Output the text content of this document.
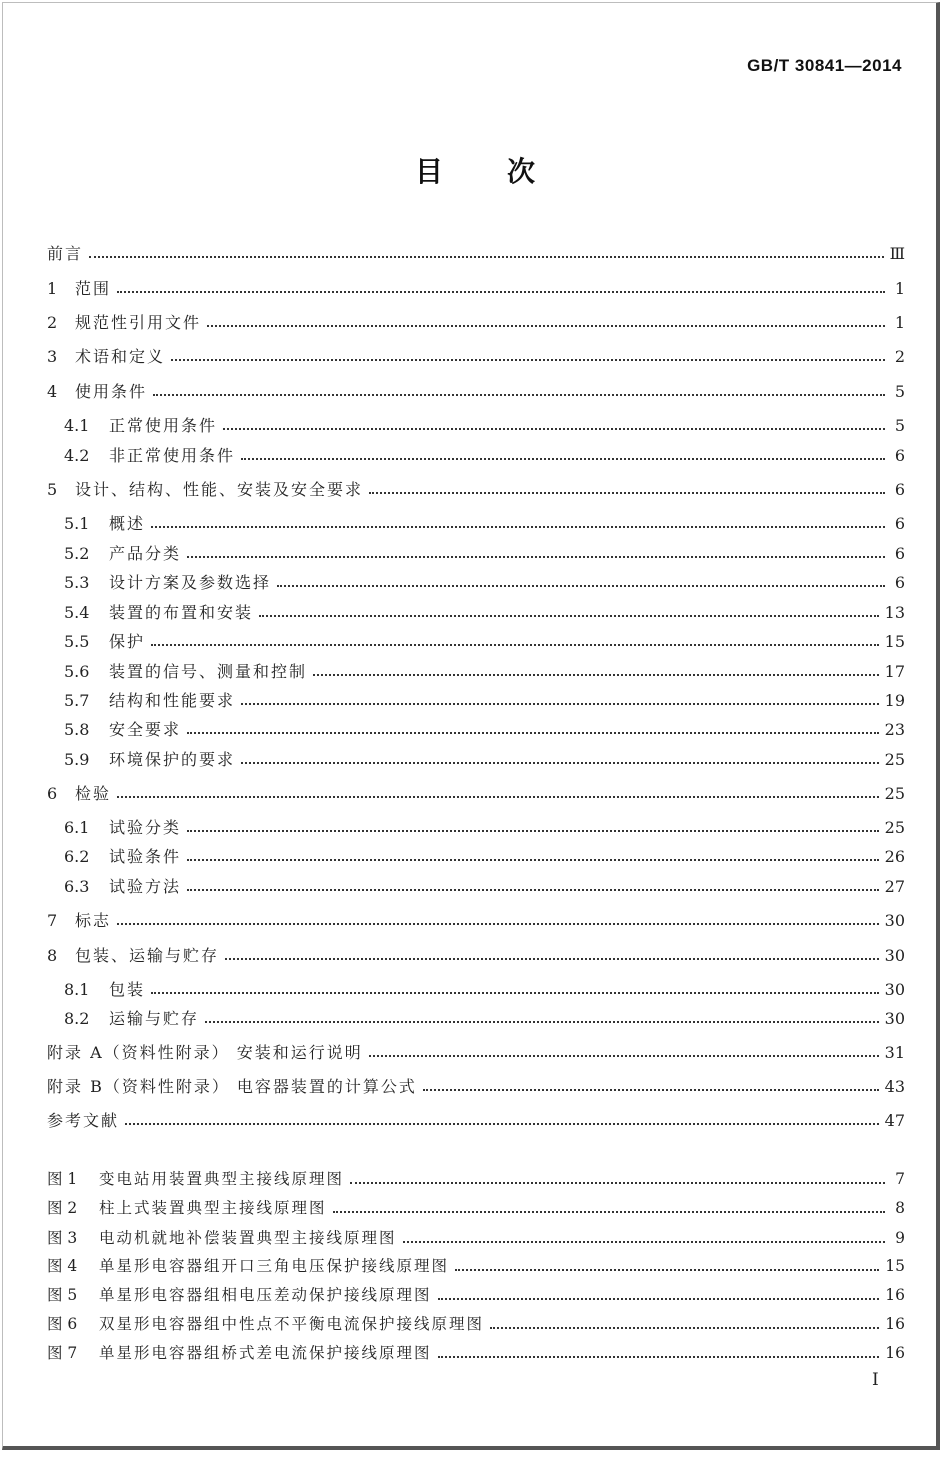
GB/T 30841—2014
目次
前言	Ⅲ
1	范围	1
2	规范性引用文件	1
3	术语和定义	2
4	使用条件	5
4.1	正常使用条件	5
4.2	非正常使用条件	6
5	设计、结构、性能、安装及安全要求	6
5.1	概述	6
5.2	产品分类	6
5.3	设计方案及参数选择	6
5.4	装置的布置和安装	13
5.5	保护	15
5.6	装置的信号、测量和控制	17
5.7	结构和性能要求	19
5.8	安全要求	23
5.9	环境保护的要求	25
6	检验	25
6.1	试验分类	25
6.2	试验条件	26
6.3	试验方法	27
7	标志	30
8	包装、运输与贮存	30
8.1	包装	30
8.2	运输与贮存	30
附录 A（资料性附录） 安装和运行说明	31
附录 B（资料性附录） 电容器装置的计算公式	43
参考文献	47
图 1	变电站用装置典型主接线原理图	7
图 2	柱上式装置典型主接线原理图	8
图 3	电动机就地补偿装置典型主接线原理图	9
图 4	单星形电容器组开口三角电压保护接线原理图	15
图 5	单星形电容器组相电压差动保护接线原理图	16
图 6	双星形电容器组中性点不平衡电流保护接线原理图	16
图 7	单星形电容器组桥式差电流保护接线原理图	16
I
